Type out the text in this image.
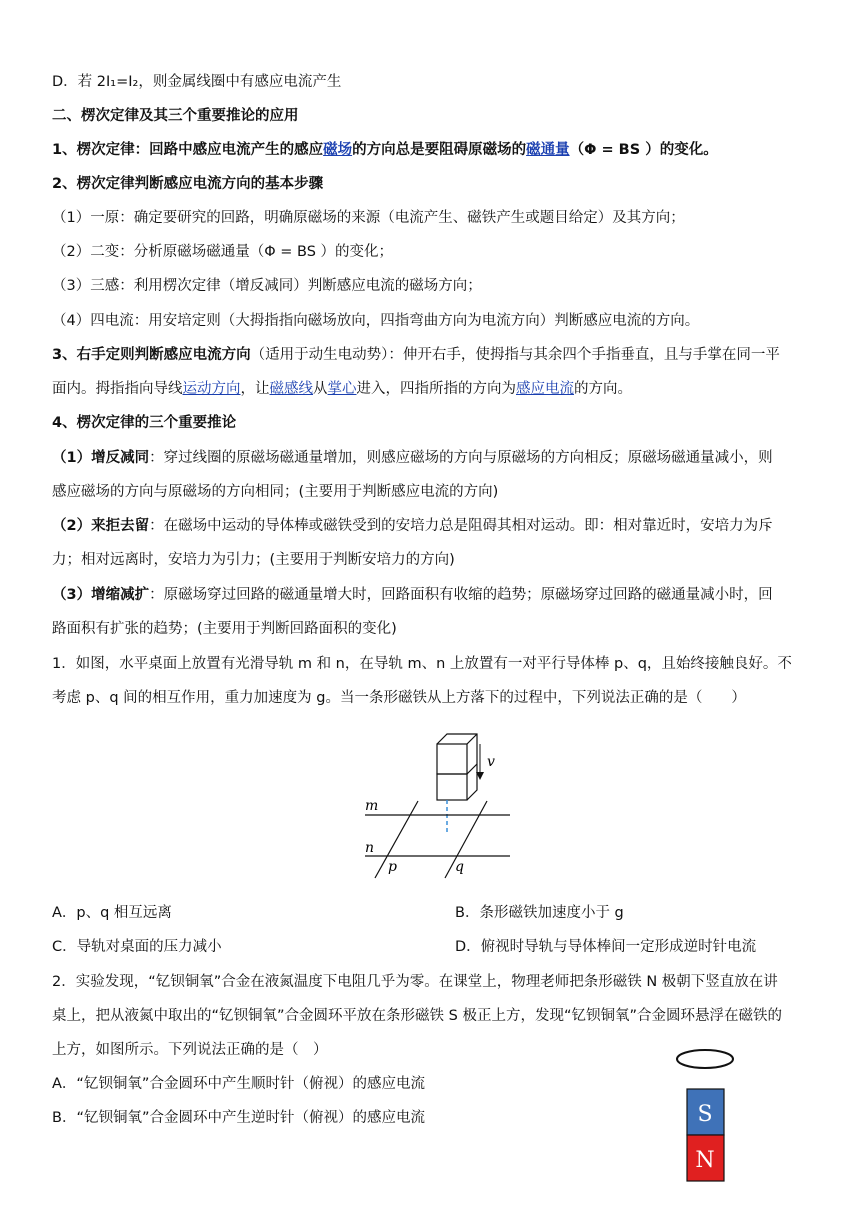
D．若 2I₁=I₂，则金属线圈中有感应电流产生
二、楞次定律及其三个重要推论的应用
1、楞次定律：回路中感应电流产生的感应磁场的方向总是要阻碍原磁场的磁通量（Φ = BS ）的变化。
2、楞次定律判断感应电流方向的基本步骤
（1）一原：确定要研究的回路，明确原磁场的来源（电流产生、磁铁产生或题目给定）及其方向；
（2）二变：分析原磁场磁通量（Φ = BS ）的变化；
（3）三感：利用楞次定律（增反减同）判断感应电流的磁场方向；
（4）四电流：用安培定则（大拇指指向磁场放向，四指弯曲方向为电流方向）判断感应电流的方向。
3、右手定则判断感应电流方向（适用于动生电动势）：伸开右手，使拇指与其余四个手指垂直，且与手掌在同一平
面内。拇指指向导线运动方向，让磁感线从掌心进入，四指所指的方向为感应电流的方向。
4、楞次定律的三个重要推论
（1）增反减同：穿过线圈的原磁场磁通量增加，则感应磁场的方向与原磁场的方向相反；原磁场磁通量减小，则
感应磁场的方向与原磁场的方向相同；(主要用于判断感应电流的方向)
（2）来拒去留：在磁场中运动的导体棒或磁铁受到的安培力总是阻碍其相对运动。即：相对靠近时，安培力为斥
力；相对远离时，安培力为引力；(主要用于判断安培力的方向)
（3）增缩减扩：原磁场穿过回路的磁通量增大时，回路面积有收缩的趋势；原磁场穿过回路的磁通量减小时，回
路面积有扩张的趋势；(主要用于判断回路面积的变化)
1．如图，水平桌面上放置有光滑导轨 m 和 n，在导轨 m、n 上放置有一对平行导体棒 p、q，且始终接触良好。不
考虑 p、q 间的相互作用，重力加速度为 g。当一条形磁铁从上方落下的过程中，下列说法正确的是（　　）
v
m
n
p	q
A．p、q 相互远离	B．条形磁铁加速度小于 g
C．导轨对桌面的压力减小	D．俯视时导轨与导体棒间一定形成逆时针电流
2．实验发现，“钇钡铜氧”合金在液氮温度下电阻几乎为零。在课堂上，物理老师把条形磁铁 N 极朝下竖直放在讲
桌上，把从液氮中取出的“钇钡铜氧”合金圆环平放在条形磁铁 S 极正上方，发现“钇钡铜氧”合金圆环悬浮在磁铁的
上方，如图所示。下列说法正确的是（　）
A．“钇钡铜氧”合金圆环中产生顺时针（俯视）的感应电流
B．“钇钡铜氧”合金圆环中产生逆时针（俯视）的感应电流	S
N
